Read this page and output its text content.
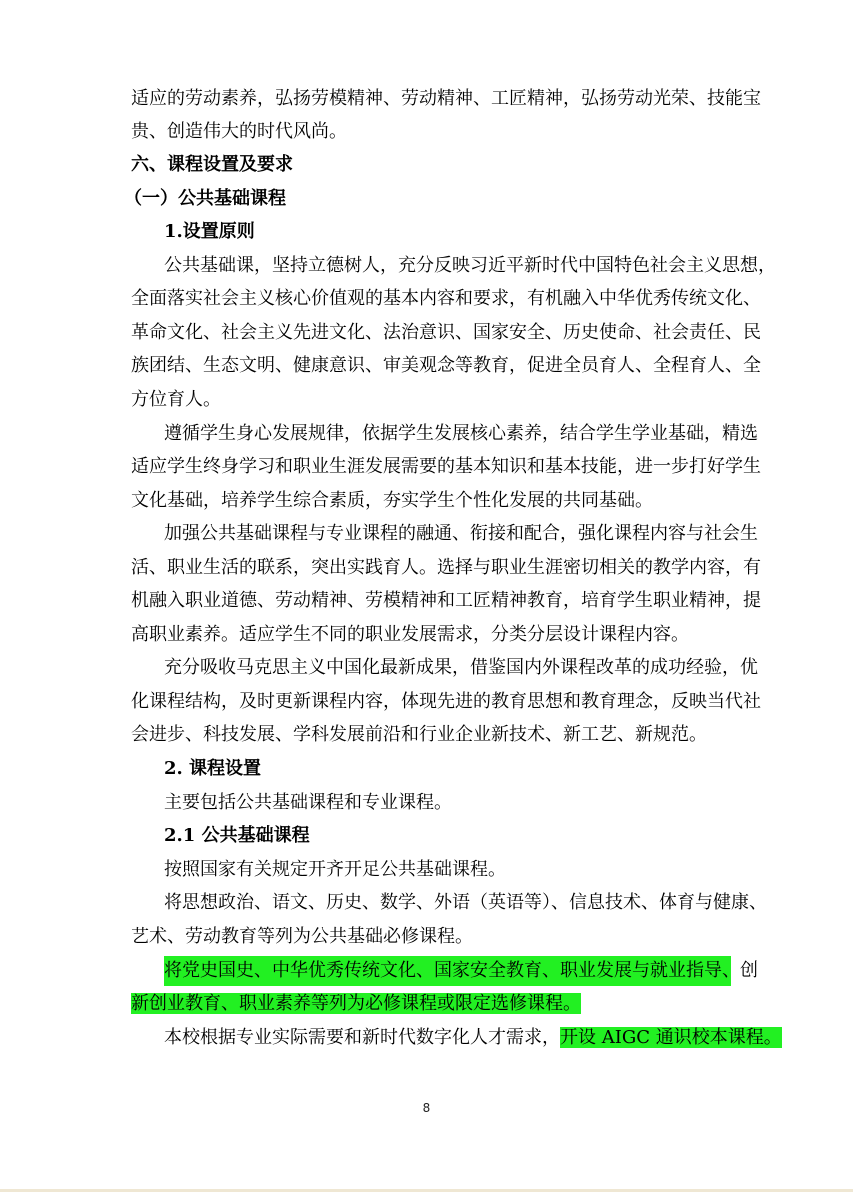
适应的劳动素养，弘扬劳模精神、劳动精神、工匠精神，弘扬劳动光荣、技能宝
贵、创造伟大的时代风尚。
六、课程设置及要求
（一）公共基础课程
1.设置原则
公共基础课，坚持立德树人，充分反映习近平新时代中国特色社会主义思想，
全面落实社会主义核心价值观的基本内容和要求，有机融入中华优秀传统文化、
革命文化、社会主义先进文化、法治意识、国家安全、历史使命、社会责任、民
族团结、生态文明、健康意识、审美观念等教育，促进全员育人、全程育人、全
方位育人。
遵循学生身心发展规律，依据学生发展核心素养，结合学生学业基础，精选
适应学生终身学习和职业生涯发展需要的基本知识和基本技能，进一步打好学生
文化基础，培养学生综合素质，夯实学生个性化发展的共同基础。
加强公共基础课程与专业课程的融通、衔接和配合，强化课程内容与社会生
活、职业生活的联系，突出实践育人。选择与职业生涯密切相关的教学内容，有
机融入职业道德、劳动精神、劳模精神和工匠精神教育，培育学生职业精神，提
高职业素养。适应学生不同的职业发展需求，分类分层设计课程内容。
充分吸收马克思主义中国化最新成果，借鉴国内外课程改革的成功经验，优
化课程结构，及时更新课程内容，体现先进的教育思想和教育理念，反映当代社
会进步、科技发展、学科发展前沿和行业企业新技术、新工艺、新规范。
2. 课程设置
主要包括公共基础课程和专业课程。
2.1 公共基础课程
按照国家有关规定开齐开足公共基础课程。
将思想政治、语文、历史、数学、外语（英语等）、信息技术、体育与健康、
艺术、劳动教育等列为公共基础必修课程。
将党史国史、中华优秀传统文化、国家安全教育、职业发展与就业指导、创
新创业教育、职业素养等列为必修课程或限定选修课程。
本校根据专业实际需要和新时代数字化人才需求，开设 AIGC 通识校本课程。
8
